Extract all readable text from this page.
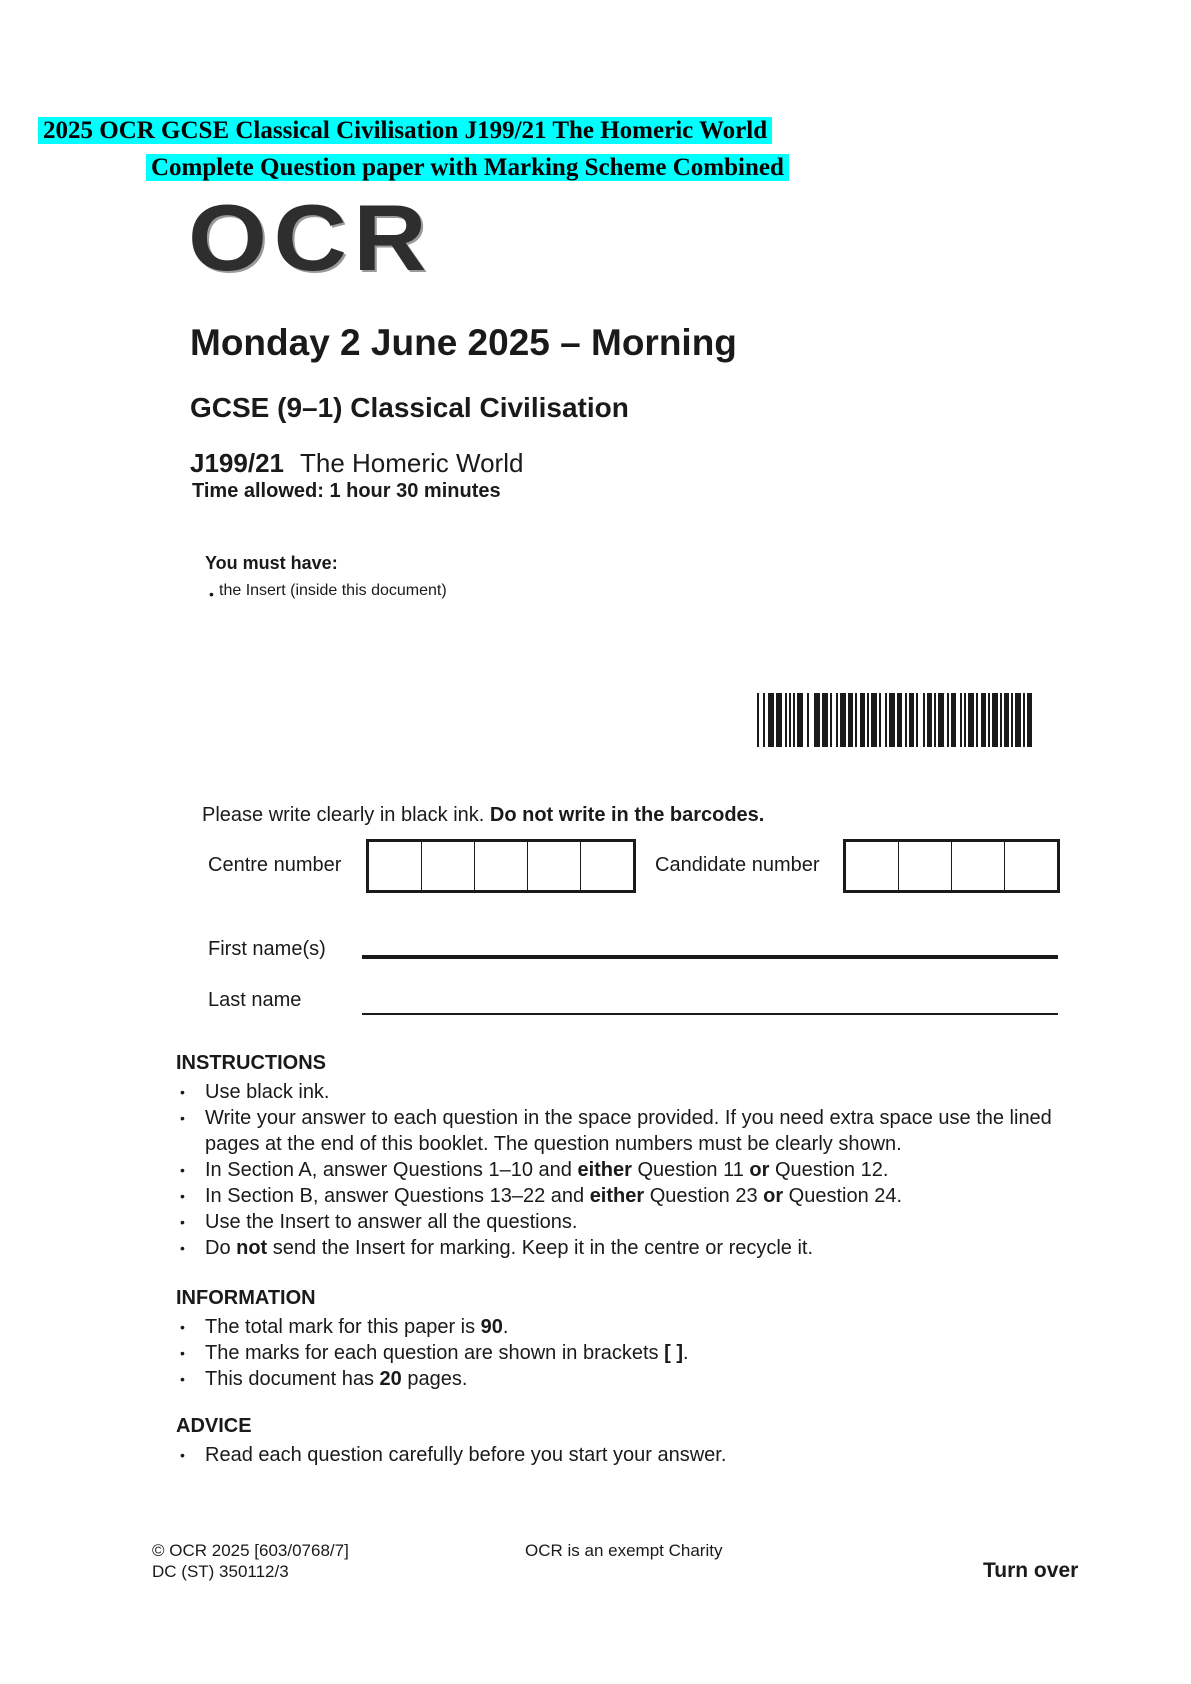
2025 OCR GCSE Classical Civilisation J199/21 The Homeric World
Complete Question paper with Marking Scheme Combined
OCR
Monday 2 June 2025 – Morning
GCSE (9–1) Classical Civilisation
J199/21 The Homeric World
Time allowed: 1 hour 30 minutes
You must have:
• the Insert (inside this document)
Please write clearly in black ink. Do not write in the barcodes.
Centre number	Candidate number
First name(s)
Last name
INSTRUCTIONS
• Use black ink.
• Write your answer to each question in the space provided. If you need extra space use the lined pages at the end of this booklet. The question numbers must be clearly shown.
• In Section A, answer Questions 1–10 and either Question 11 or Question 12.
• In Section B, answer Questions 13–22 and either Question 23 or Question 24.
• Use the Insert to answer all the questions.
• Do not send the Insert for marking. Keep it in the centre or recycle it.
INFORMATION
• The total mark for this paper is 90.
• The marks for each question are shown in brackets [ ].
• This document has 20 pages.
ADVICE
• Read each question carefully before you start your answer.
© OCR 2025 [603/0768/7]
DC (ST) 350112/3
OCR is an exempt Charity
Turn over
